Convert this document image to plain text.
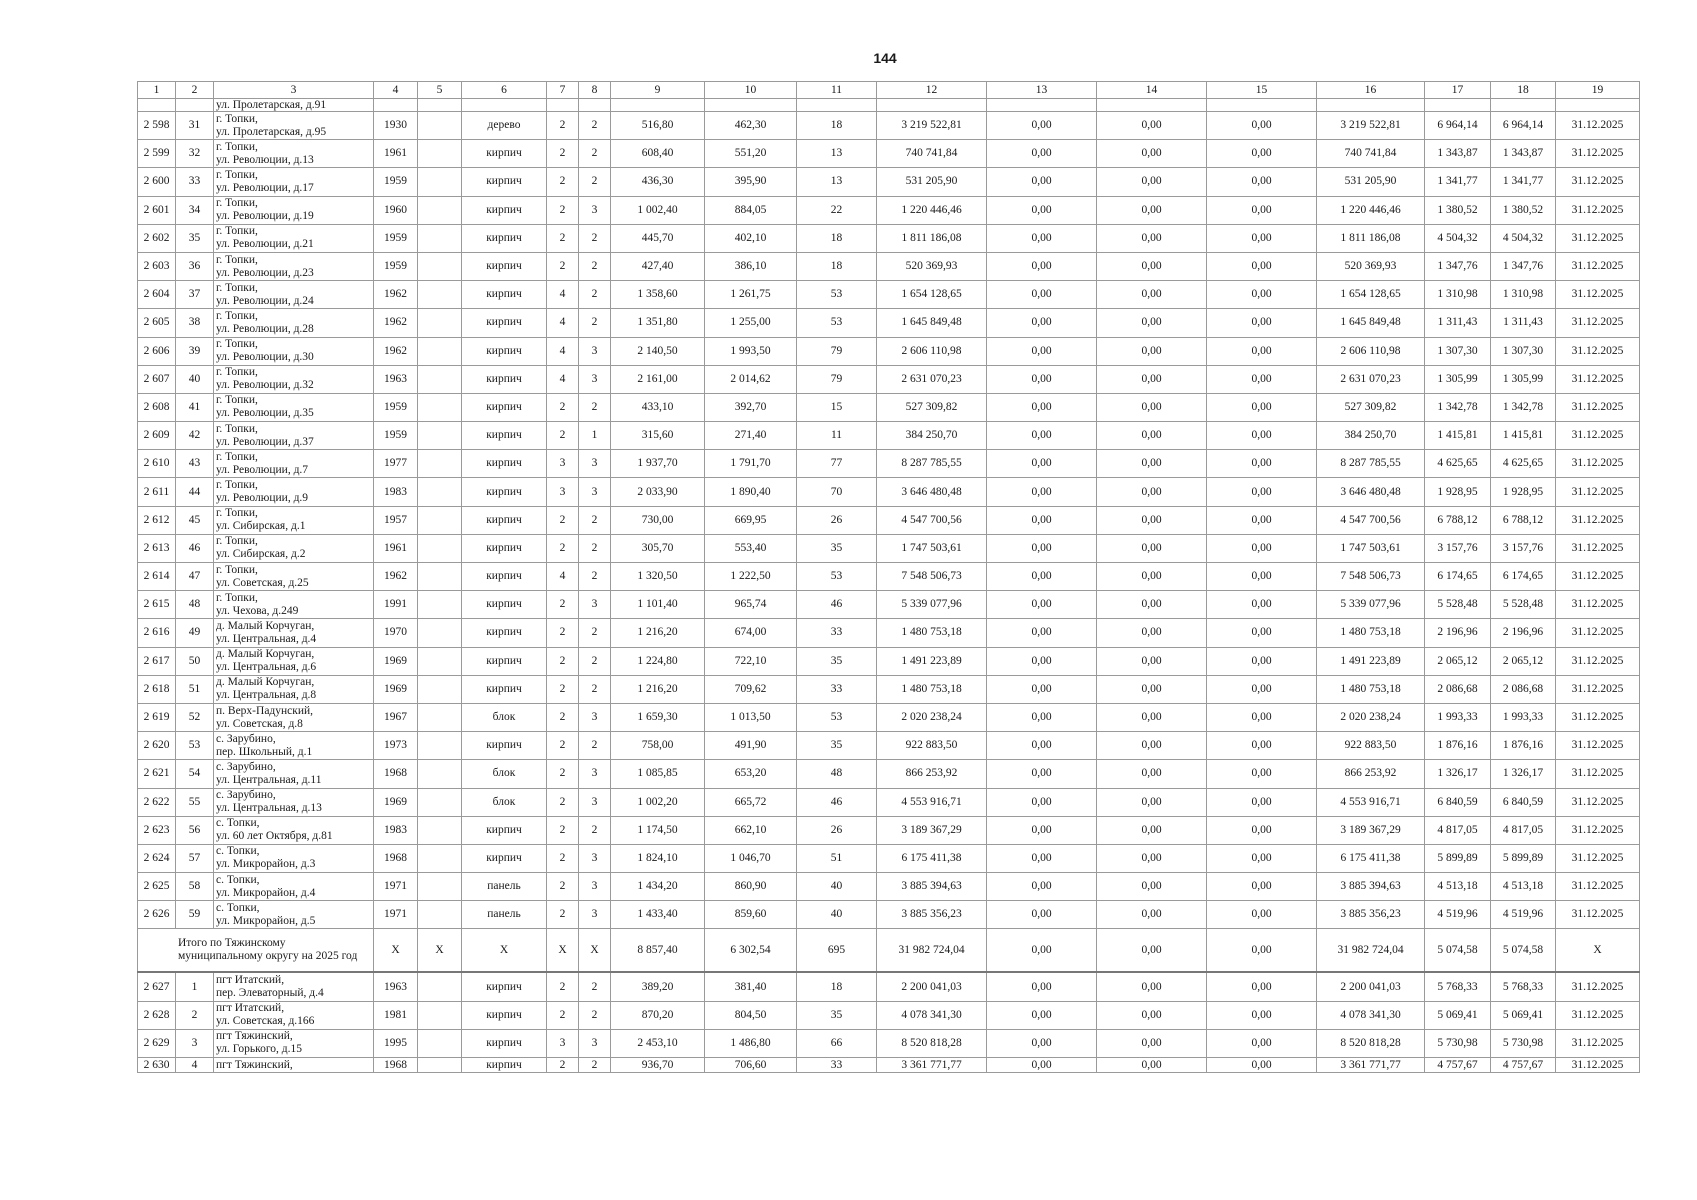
144
1	2	3	4	5	6	7	8	9	10	11	12	13	14	15	16	17	18	19

		ул. Пролетарская, д.91																

2 598	31	г. Топки,
ул. Пролетарская, д.95	1930		дерево	2	2	516,80	462,30	18	3 219 522,81	0,00	0,00	0,00	3 219 522,81	6 964,14	6 964,14	31.12.2025
2 599	32	г. Топки,
ул. Революции, д.13	1961		кирпич	2	2	608,40	551,20	13	740 741,84	0,00	0,00	0,00	740 741,84	1 343,87	1 343,87	31.12.2025
2 600	33	г. Топки,
ул. Революции, д.17	1959		кирпич	2	2	436,30	395,90	13	531 205,90	0,00	0,00	0,00	531 205,90	1 341,77	1 341,77	31.12.2025
2 601	34	г. Топки,
ул. Революции, д.19	1960		кирпич	2	3	1 002,40	884,05	22	1 220 446,46	0,00	0,00	0,00	1 220 446,46	1 380,52	1 380,52	31.12.2025
2 602	35	г. Топки,
ул. Революции, д.21	1959		кирпич	2	2	445,70	402,10	18	1 811 186,08	0,00	0,00	0,00	1 811 186,08	4 504,32	4 504,32	31.12.2025
2 603	36	г. Топки,
ул. Революции, д.23	1959		кирпич	2	2	427,40	386,10	18	520 369,93	0,00	0,00	0,00	520 369,93	1 347,76	1 347,76	31.12.2025
2 604	37	г. Топки,
ул. Революции, д.24	1962		кирпич	4	2	1 358,60	1 261,75	53	1 654 128,65	0,00	0,00	0,00	1 654 128,65	1 310,98	1 310,98	31.12.2025
2 605	38	г. Топки,
ул. Революции, д.28	1962		кирпич	4	2	1 351,80	1 255,00	53	1 645 849,48	0,00	0,00	0,00	1 645 849,48	1 311,43	1 311,43	31.12.2025
2 606	39	г. Топки,
ул. Революции, д.30	1962		кирпич	4	3	2 140,50	1 993,50	79	2 606 110,98	0,00	0,00	0,00	2 606 110,98	1 307,30	1 307,30	31.12.2025
2 607	40	г. Топки,
ул. Революции, д.32	1963		кирпич	4	3	2 161,00	2 014,62	79	2 631 070,23	0,00	0,00	0,00	2 631 070,23	1 305,99	1 305,99	31.12.2025
2 608	41	г. Топки,
ул. Революции, д.35	1959		кирпич	2	2	433,10	392,70	15	527 309,82	0,00	0,00	0,00	527 309,82	1 342,78	1 342,78	31.12.2025
2 609	42	г. Топки,
ул. Революции, д.37	1959		кирпич	2	1	315,60	271,40	11	384 250,70	0,00	0,00	0,00	384 250,70	1 415,81	1 415,81	31.12.2025
2 610	43	г. Топки,
ул. Революции, д.7	1977		кирпич	3	3	1 937,70	1 791,70	77	8 287 785,55	0,00	0,00	0,00	8 287 785,55	4 625,65	4 625,65	31.12.2025
2 611	44	г. Топки,
ул. Революции, д.9	1983		кирпич	3	3	2 033,90	1 890,40	70	3 646 480,48	0,00	0,00	0,00	3 646 480,48	1 928,95	1 928,95	31.12.2025
2 612	45	г. Топки,
ул. Сибирская, д.1	1957		кирпич	2	2	730,00	669,95	26	4 547 700,56	0,00	0,00	0,00	4 547 700,56	6 788,12	6 788,12	31.12.2025
2 613	46	г. Топки,
ул. Сибирская, д.2	1961		кирпич	2	2	305,70	553,40	35	1 747 503,61	0,00	0,00	0,00	1 747 503,61	3 157,76	3 157,76	31.12.2025
2 614	47	г. Топки,
ул. Советская, д.25	1962		кирпич	4	2	1 320,50	1 222,50	53	7 548 506,73	0,00	0,00	0,00	7 548 506,73	6 174,65	6 174,65	31.12.2025
2 615	48	г. Топки,
ул. Чехова, д.249	1991		кирпич	2	3	1 101,40	965,74	46	5 339 077,96	0,00	0,00	0,00	5 339 077,96	5 528,48	5 528,48	31.12.2025
2 616	49	д. Малый Корчуган,
ул. Центральная, д.4	1970		кирпич	2	2	1 216,20	674,00	33	1 480 753,18	0,00	0,00	0,00	1 480 753,18	2 196,96	2 196,96	31.12.2025
2 617	50	д. Малый Корчуган,
ул. Центральная, д.6	1969		кирпич	2	2	1 224,80	722,10	35	1 491 223,89	0,00	0,00	0,00	1 491 223,89	2 065,12	2 065,12	31.12.2025
2 618	51	д. Малый Корчуган,
ул. Центральная, д.8	1969		кирпич	2	2	1 216,20	709,62	33	1 480 753,18	0,00	0,00	0,00	1 480 753,18	2 086,68	2 086,68	31.12.2025
2 619	52	п. Верх-Падунский,
ул. Советская, д.8	1967		блок	2	3	1 659,30	1 013,50	53	2 020 238,24	0,00	0,00	0,00	2 020 238,24	1 993,33	1 993,33	31.12.2025
2 620	53	с. Зарубино,
пер. Школьный, д.1	1973		кирпич	2	2	758,00	491,90	35	922 883,50	0,00	0,00	0,00	922 883,50	1 876,16	1 876,16	31.12.2025
2 621	54	с. Зарубино,
ул. Центральная, д.11	1968		блок	2	3	1 085,85	653,20	48	866 253,92	0,00	0,00	0,00	866 253,92	1 326,17	1 326,17	31.12.2025
2 622	55	с. Зарубино,
ул. Центральная, д.13	1969		блок	2	3	1 002,20	665,72	46	4 553 916,71	0,00	0,00	0,00	4 553 916,71	6 840,59	6 840,59	31.12.2025
2 623	56	с. Топки,
ул. 60 лет Октября, д.81	1983		кирпич	2	2	1 174,50	662,10	26	3 189 367,29	0,00	0,00	0,00	3 189 367,29	4 817,05	4 817,05	31.12.2025
2 624	57	с. Топки,
ул. Микрорайон, д.3	1968		кирпич	2	3	1 824,10	1 046,70	51	6 175 411,38	0,00	0,00	0,00	6 175 411,38	5 899,89	5 899,89	31.12.2025
2 625	58	с. Топки,
ул. Микрорайон, д.4	1971		панель	2	3	1 434,20	860,90	40	3 885 394,63	0,00	0,00	0,00	3 885 394,63	4 513,18	4 513,18	31.12.2025
2 626	59	с. Топки,
ул. Микрорайон, д.5	1971		панель	2	3	1 433,40	859,60	40	3 885 356,23	0,00	0,00	0,00	3 885 356,23	4 519,96	4 519,96	31.12.2025
Итого по Тяжинскому муниципальному округу на 2025 год			X	X	X	X	X	8 857,40	6 302,54	695	31 982 724,04	0,00	0,00	0,00	31 982 724,04	5 074,58	5 074,58	X
2 627	1	пгт Итатский,
пер. Элеваторный, д.4	1963		кирпич	2	2	389,20	381,40	18	2 200 041,03	0,00	0,00	0,00	2 200 041,03	5 768,33	5 768,33	31.12.2025
2 628	2	пгт Итатский,
ул. Советская, д.166	1981		кирпич	2	2	870,20	804,50	35	4 078 341,30	0,00	0,00	0,00	4 078 341,30	5 069,41	5 069,41	31.12.2025
2 629	3	пгт Тяжинский,
ул. Горького, д.15	1995		кирпич	3	3	2 453,10	1 486,80	66	8 520 818,28	0,00	0,00	0,00	8 520 818,28	5 730,98	5 730,98	31.12.2025
2 630	4	пгт Тяжинский,	1968		кирпич	2	2	936,70	706,60	33	3 361 771,77	0,00	0,00	0,00	3 361 771,77	4 757,67	4 757,67	31.12.2025
